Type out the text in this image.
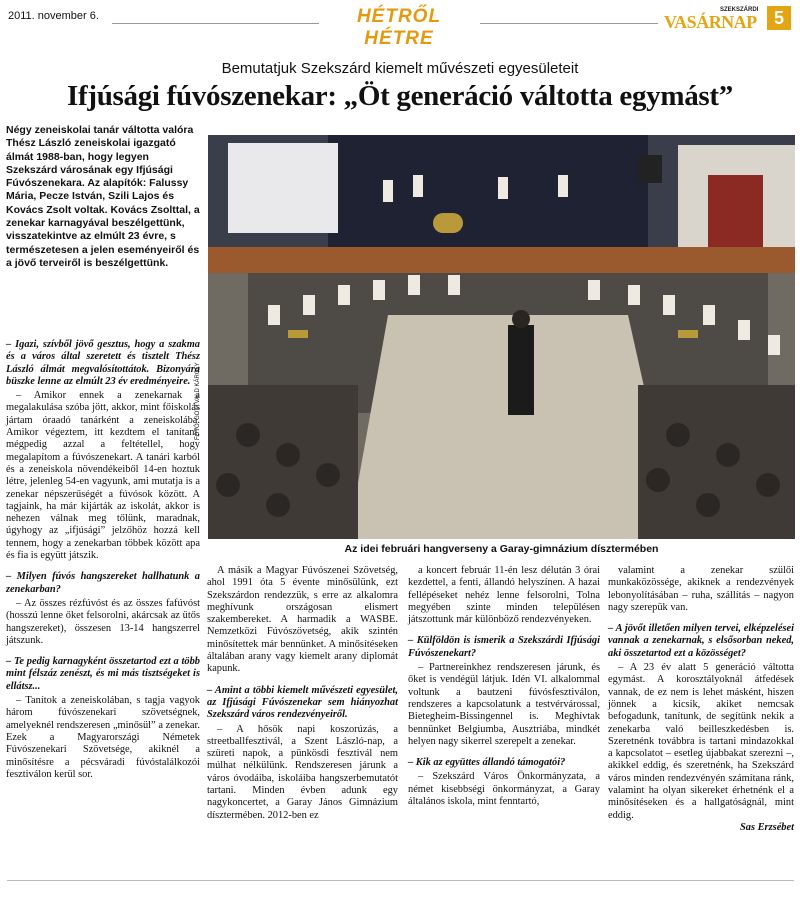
2011. november 6.	HÉTRŐL HÉTRE
SZEKSZÁRDI
VASÁRNAP 5
Bemutatjuk Szekszárd kiemelt művészeti egyesületeit
Ifjúsági fúvószenekar: „Öt generáció váltotta egymást”
Négy zeneiskolai tanár váltotta valóra Thész László zeneiskolai igazgató álmát 1988-ban, hogy legyen Szekszárd városának egy Ifjúsági Fúvószenekara. Az alapítók: Falussy Mária, Pecze István, Szili Lajos és Kovács Zsolt voltak. Kovács Zsolttal, a zenekar karnagyával beszélgettünk, visszatekintve az elmúlt 23 évre, s természetesen a jelen eseményeiről és a jövő terveiről is beszélgettünk.
FOTÓ: GOTTVALD KÁROLY
Az idei februári hangverseny a Garay-gimnázium dísztermében

– Igazi, szívből jövő gesztus, hogy a szakma és a város által szeretett és tisztelt Thész László álmát megvalósítottátok. Bizonyára büszke lenne az elmúlt 23 év eredményeire.

– Amikor ennek a zenekarnak a megalakulása szóba jött, akkor, mint főiskolás jártam óraadó tanárként a zeneiskolába. Amikor végeztem, itt kezdtem el tanítani, mégpedig azzal a feltétellel, hogy megalapítom a fúvószenekart. A tanári karból és a zeneiskola növendékeiből 14-en hoztuk létre, jelenleg 54-en vagyunk, ami mutatja is a zenekar népszerűségét a fúvósok között. A tagjaink, ha már kijárták az iskolát, akkor is nehezen válnak meg tőlünk, maradnak, úgyhogy az „ifjúsági” jelzőhöz hozzá kell tennem, hogy a zenekarban többek között apa és fia is együtt játszik.

– Milyen fúvós hangszereket hallhatunk a zenekarban?

– Az összes rézfúvóst és az összes fafúvóst (hosszú lenne őket felsorolni, akárcsak az ütős hangszereket), összesen 13-14 hangszerrel játszunk.

– Te pedig karnagyként összetartod ezt a több mint félszáz zenészt, és mi más tisztségeket is ellátsz...

– Tanítok a zeneiskolában, s tagja vagyok három fúvószenekari szövetségnek, amelyeknél rendszeresen „minősül” a zenekar. Ezek a Magyarországi Németek Fúvószenekari Szövetsége, akiknél a minősítésre a pécsváradi fúvóstalálkozói fesztiválon kerül sor.

A másik a Magyar Fúvószenei Szövetség, ahol 1991 óta 5 évente minősülünk, ezt Szekszárdon rendezzük, s erre az alkalomra meghívunk országosan elismert szakembereket. A harmadik a WASBE. Nemzetközi Fúvószövetség, akik szintén minősítettek már bennünket. A minősítéseken általában arany vagy kiemelt arany diplomát kapunk.

– Amint a többi kiemelt művészeti egyesület, az Ifjúsági Fúvószenekar sem hiányozhat Szekszárd város rendezvényeiről.

– A hősök napi koszorúzás, a streetballfesztivál, a Szent László-nap, a szüreti napok, a pünkösdi fesztivál nem múlhat nélkülünk. Rendszeresen járunk a város óvodáiba, iskoláiba hangszerbemutatót tartani. Minden évben adunk egy nagykoncertet, a Garay János Gimnázium dísztermében. 2012-ben ez

a koncert február 11-én lesz délután 3 órai kezdettel, a fenti, állandó helyszínen. A hazai fellépéseket nehéz lenne felsorolni, Tolna megyében szinte minden településen játszottunk már különböző rendezvényeken.

– Külföldön is ismerik a Szekszárdi Ifjúsági Fúvószenekart?

– Partnereinkhez rendszeresen járunk, és őket is vendégül látjuk. Idén VI. alkalommal voltunk a bautzeni fúvósfesztiválon, rendszeres a kapcsolatunk a testvérvárossal, Bietegheim-Bissingennel is. Meghívtak bennünket Belgiumba, Ausztriába, mindkét helyen nagy sikerrel szerepelt a zenekar.

– Kik az együttes állandó támogatói?

– Szekszárd Város Önkormányzata, a német kisebbségi önkormányzat, a Garay általános iskola, mint fenntartó,

valamint a zenekar szülői munkaközössége, akiknek a rendezvények lebonyolításában – ruha, szállítás – nagyon nagy szerepük van.

– A jövőt illetően milyen tervei, elképzelései vannak a zenekarnak, s elsősorban neked, aki összetartod ezt a közösséget?

– A 23 év alatt 5 generáció váltotta egymást. A korosztályoknál átfedések vannak, de ez nem is lehet másként, hiszen jönnek a kicsik, akiket nemcsak befogadunk, tanítunk, de segítünk nekik a zenekarba való beilleszkedésben is. Szeretnénk továbbra is tartani mindazokkal a kapcsolatot – esetleg újabbakat szerezni –, akikkel eddig, és szeretnénk, ha Szekszárd város minden rendezvényén számítana ránk, valamint ha olyan sikereket érhetnénk el a minősítéseken és a hallgatóságnál, mint eddig.

Sas Erzsébet
